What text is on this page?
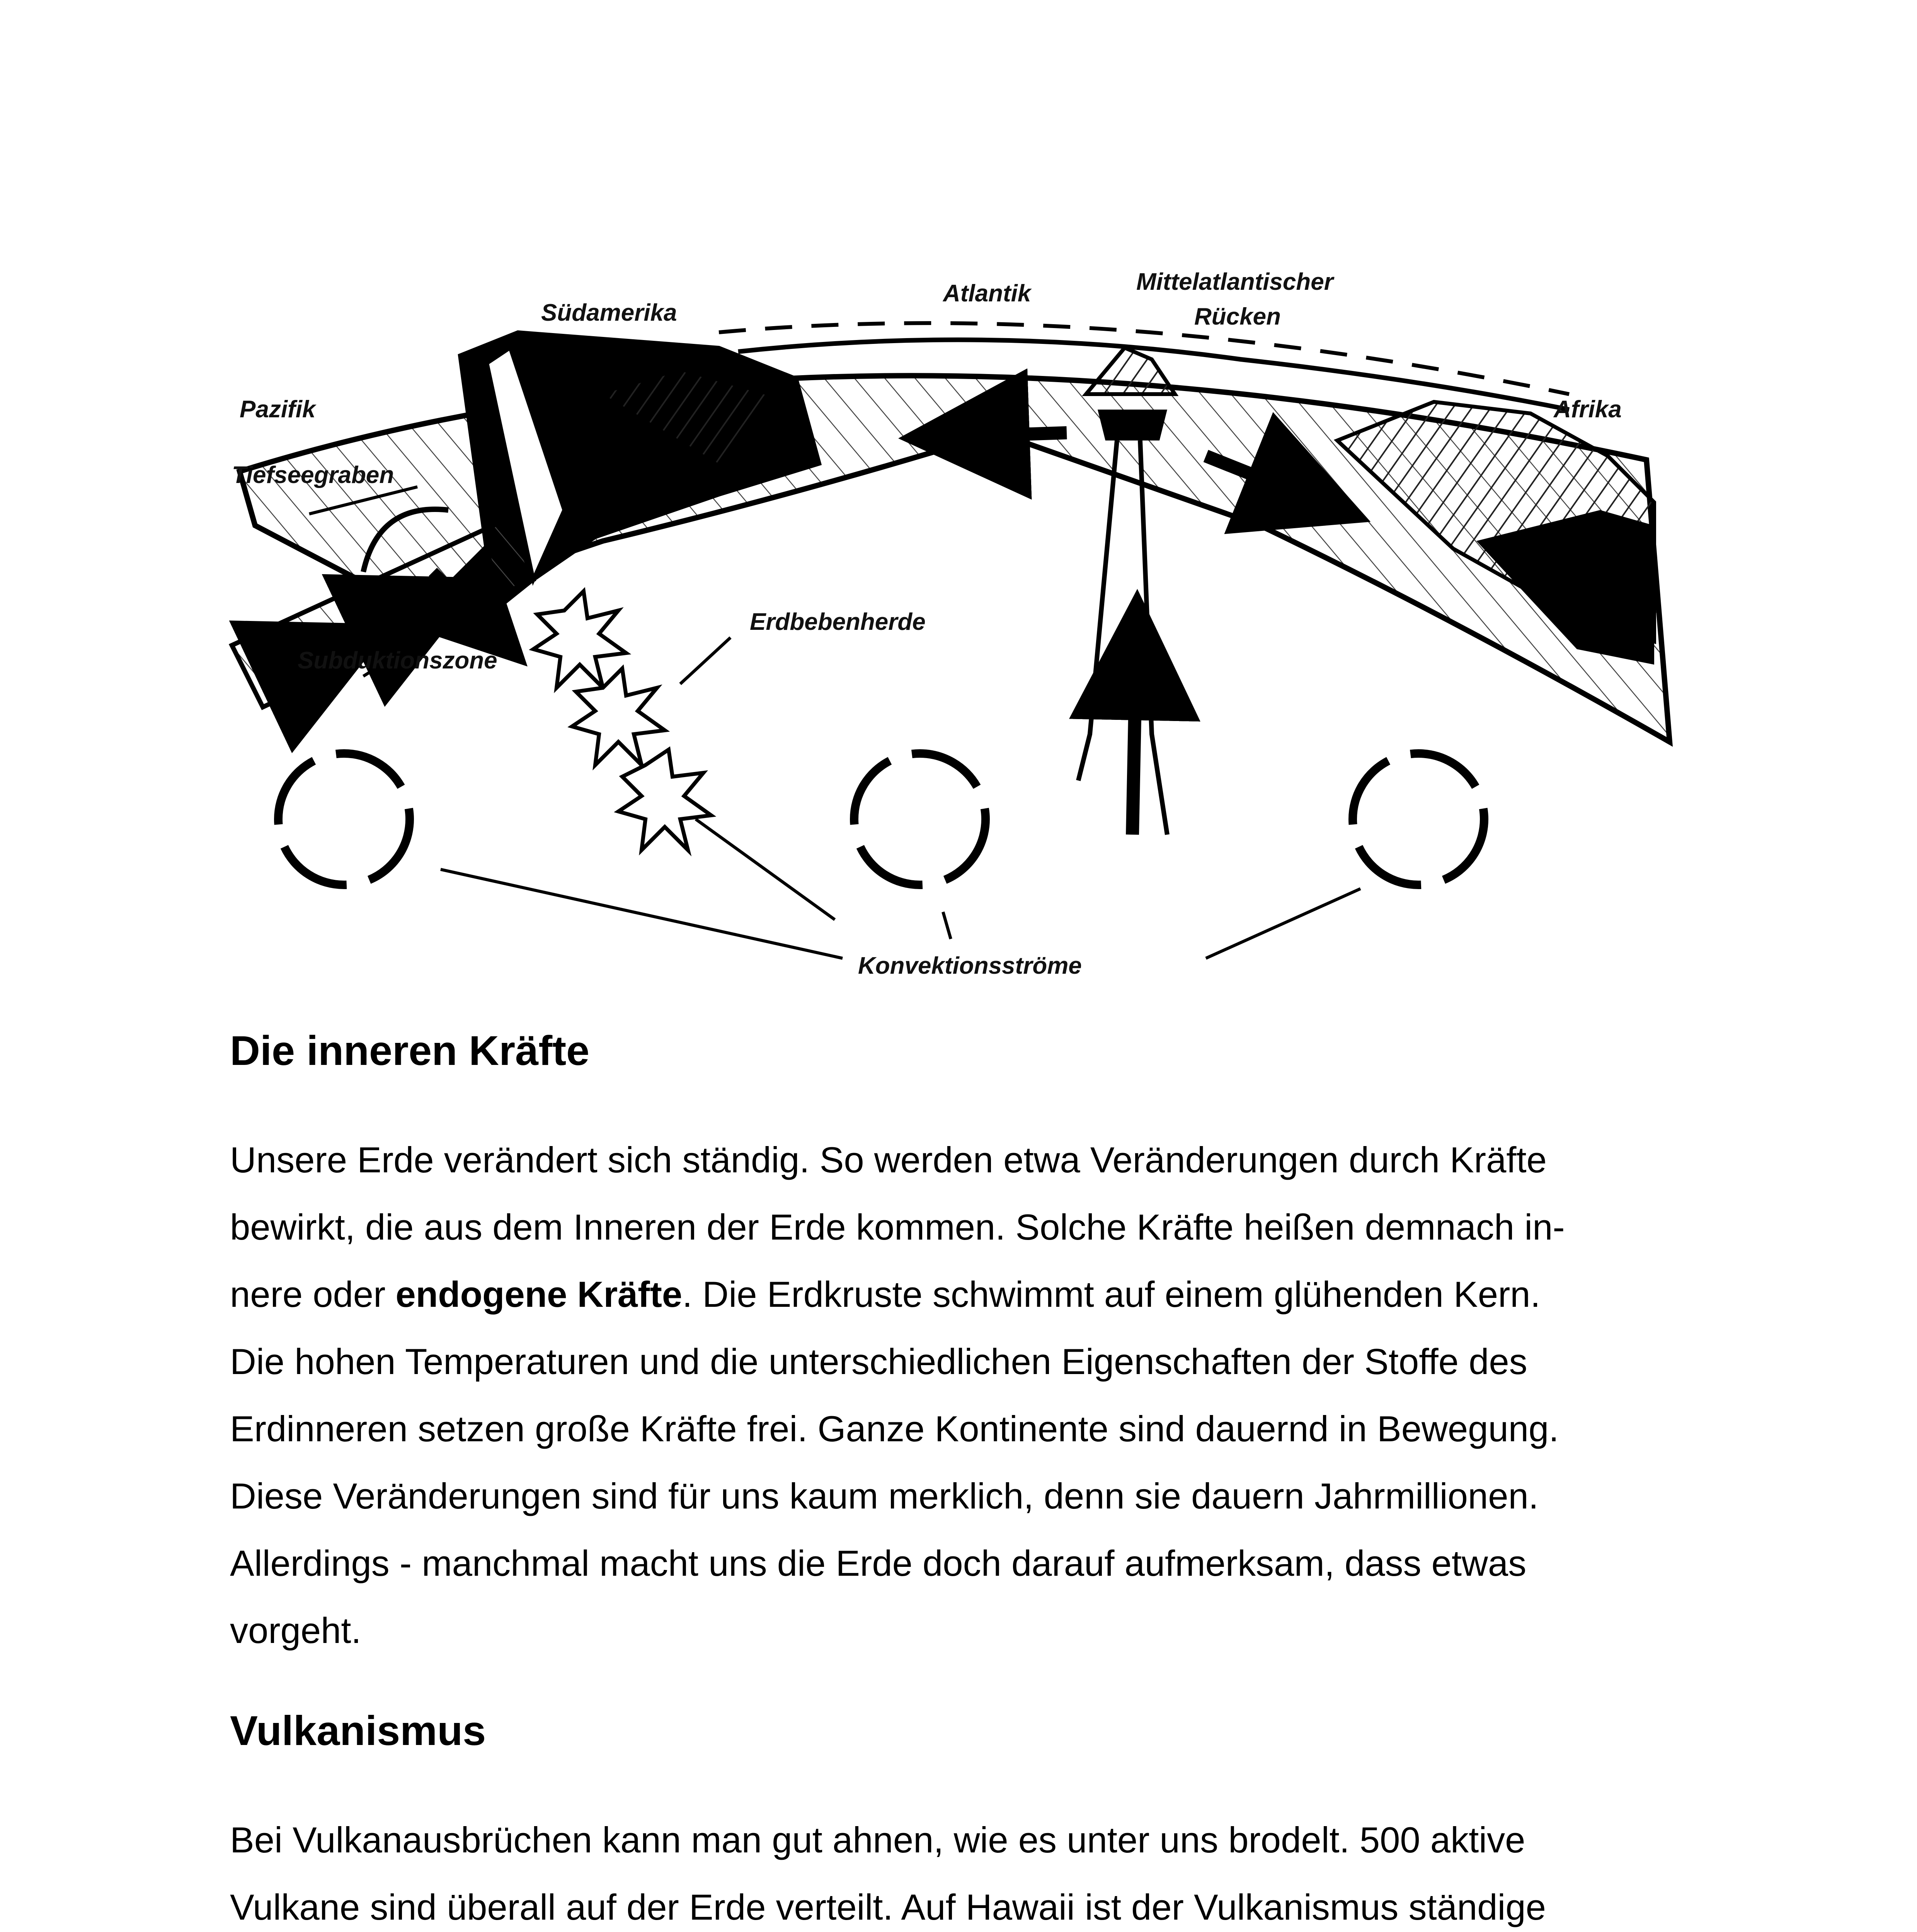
Südamerika
Atlantik	Mittelatlantischer
Rücken
Pazifik	Afrika
Tiefseegraben
Erdbebenherde
Subduktionszone
Konvektionsströme
Die inneren Kräfte
Unsere Erde verändert sich ständig. So werden etwa Veränderungen durch Kräfte
bewirkt, die aus dem Inneren der Erde kommen. Solche Kräfte heißen demnach in-
nere oder endogene Kräfte. Die Erdkruste schwimmt auf einem glühenden Kern.
Die hohen Temperaturen und die unterschiedlichen Eigenschaften der Stoffe des
Erdinneren setzen große Kräfte frei. Ganze Kontinente sind dauernd in Bewegung.
Diese Veränderungen sind für uns kaum merklich, denn sie dauern Jahrmillionen.
Allerdings - manchmal macht uns die Erde doch darauf aufmerksam, dass etwas
vorgeht.
Vulkanismus
Bei Vulkanausbrüchen kann man gut ahnen, wie es unter uns brodelt. 500 aktive
Vulkane sind überall auf der Erde verteilt. Auf Hawaii ist der Vulkanismus ständige
